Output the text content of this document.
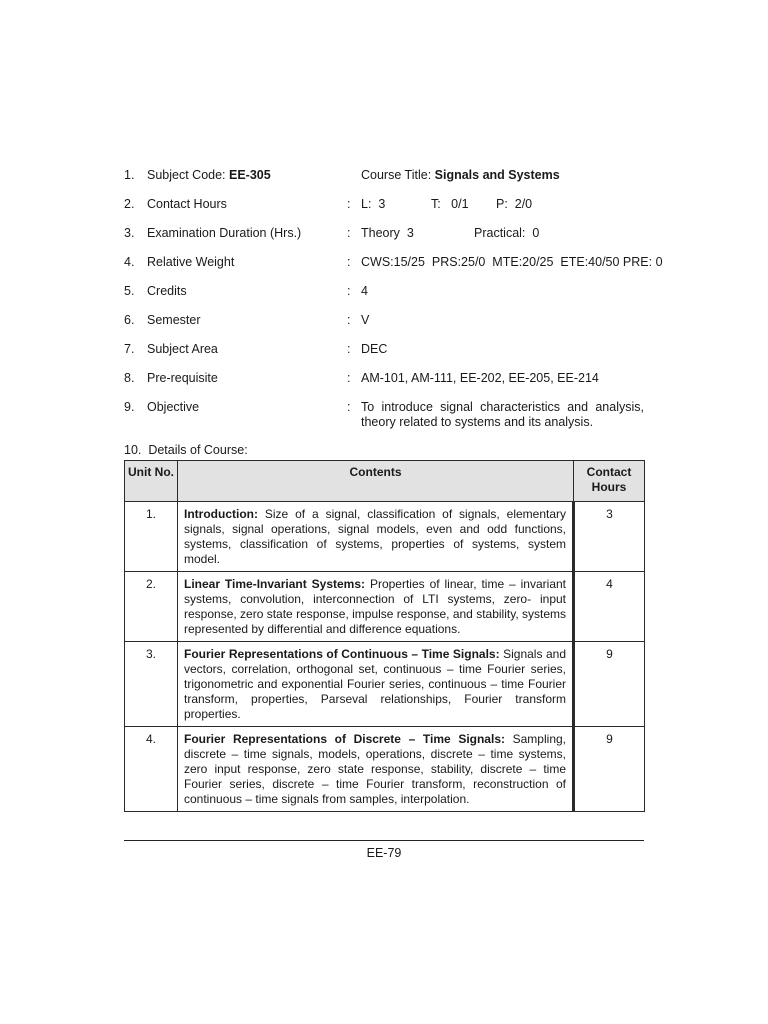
1. Subject Code: EE-305	Course Title: Signals and Systems
2. Contact Hours	: L:  3	T:   0/1 P:  2/0
3. Examination Duration (Hrs.)	: Theory  3	Practical:  0
4. Relative Weight	: CWS:15/25  PRS:25/0  MTE:20/25  ETE:40/50 PRE: 0
5. Credits	: 4
6. Semester	: V
7. Subject Area	: DEC
8. Pre-requisite	: AM-101, AM-111, EE-202, EE-205, EE-214
9. Objective	: To introduce signal characteristics and analysis, theory related to systems and its analysis.
10.  Details of Course:
Unit No.	Contents	Contact Hours
1.	Introduction: Size of a signal, classification of signals, elementary signals, signal operations, signal models, even and odd functions, systems, classification of systems, properties of systems, system model.	3
2.	Linear Time-Invariant Systems: Properties of linear, time – invariant systems, convolution, interconnection of LTI systems, zero- input response, zero state response, impulse response, and stability, systems represented by differential and difference equations.	4
3.	Fourier Representations of Continuous – Time Signals: Signals and vectors, correlation, orthogonal set, continuous – time Fourier series, trigonometric and exponential Fourier series, continuous – time Fourier transform, properties, Parseval relationships, Fourier transform properties.	9
4.	Fourier Representations of Discrete – Time Signals: Sampling, discrete – time signals, models, operations, discrete – time systems, zero input response, zero state response, stability, discrete – time Fourier series, discrete – time Fourier transform, reconstruction of continuous – time signals from samples, interpolation.	9
EE-79
